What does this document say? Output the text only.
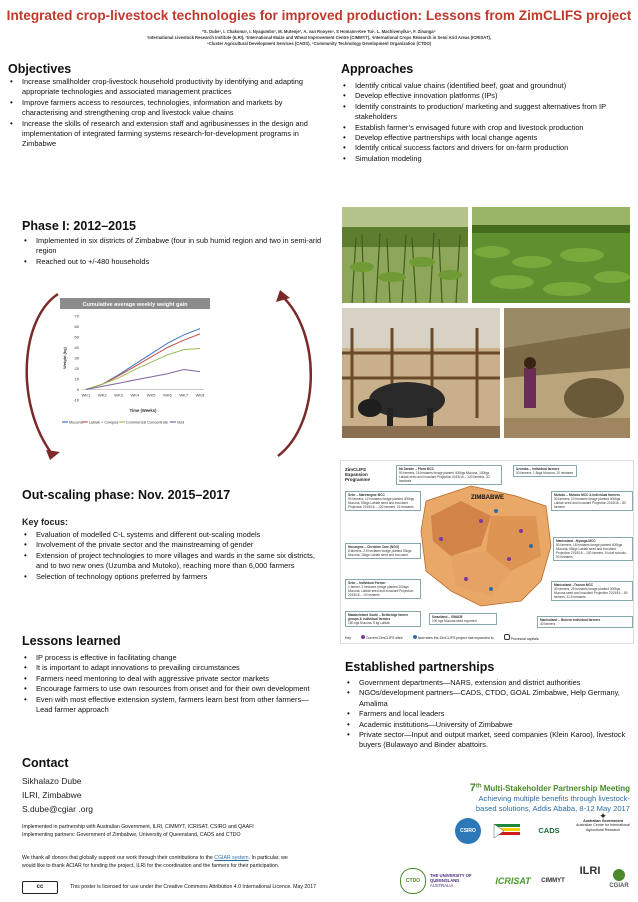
Integrated crop-livestock technologies for improved production: Lessons from ZimCLIFS project
*S. Dube¹, I. Chakoma¹, I. Nyagumbo², M. Mutenje², A. van Rooyen³, S Homann-Kee Tui³, L. Machivenyika⁴, F. Zinanga⁵
¹International Livestock Research Institute (ILRI), ²International Maize and Wheat Improvement Centre (CIMMYT), ³International Crops Research in Semi Arid Areas (ICRISAT),
⁴Cluster Agricultural Development Services (CADS), ⁵Community Technology Development Organization (CTDO)
Objectives
• Increase smallholder crop-livestock household productivity by identifying and adapting appropriate technologies and associated management practices
• Improve farmers access to resources, technologies, information and markets by characterising and strengthening crop and livestock value chains
• Increase the skills of research and extension staff and agribusinesses in the design and implementation of integrated farming systems research-for-development programs in Zimbabwe
Approaches
• Identify critical value chains (identified beef, goat and groundnut)
• Develop effective innovation platforms (IPs)
• Identify constraints to production/ marketing and suggest alternatives from IP stakeholders
• Establish farmer’s envisaged future with crop and livestock production
• Develop effective partnerships with local change agents
• Identify critical success factors and drivers for on-farm production
• Simulation modeling
Phase I: 2012–2015
• Implemented in six districts of Zimbabwe (four in sub humid region and two in semi-arid region
• Reached out to +/-480 households
Cumulative average weekly weight gain
-10
0
10
20
30
40
50
60
70
WK1 WK2 WK3 WK4 WK5 WK6 WK7 WK8
Weight (kg)
Time (Weeks)
Mucuna Lablab + Cowpea Commercial Concentrate Veld
ZIMBABWE
ZimCLIFS Expansion Programme
Mt Darwin – Pfura MCC
90 farmers, 16 hectares forage planted 400kgs Mucuna, 100kgs Lablab seed and inoculant Projection 2015/16 – 120 farmers, 30 hectares
Uzumba – Individual farmers
50 farmers, 1.5kgs Mucuna, 10 hectares
Seke – Marirangwe MCC
90 farmers, 12 hectares forage planted 400kgs Mucuna, 50kgs Lablab seed and inoculant Projection 2015/16 – 120 farmers, 15 hectares
Mutoko – Mutoko MCC & Individual farmers
50 farmers, 10 hectares forage planted 400kgs Lablab seed and inoculant Projection 2015/16 – 80 farmers
Hurungwe – Christian Care (NGO)
8 farmers, 2.5 hectares forage planted 50kgs Mucuna, 10kgs Lablab seed and inoculant
Manicaland –Nyanga MCC
50 farmers, 18 hectares forage planted 400kgs Mucuna, 50kgs Lablab seed and inoculant Projection 2015/16 – 100 farmers, 5 local schools, 90 hectares
Seke – Individual Farmer
1 farmer, 3 hectares forage planted 100kgs Mucuna, Lablab seed and inoculant Projection 2015/16 – 10 hectares
Manicaland –Tsonzo MCC
40 farmers, 25 hectares forage planted 400kgs Mucuna seed and inoculant Projection 2015/16 – 80 farmers, 11.5 hectares
Matabeleland South – Beitbridge farmer groups & individual farmers
150 kgs Mucuna, 5 kg Lablab
Swaziland – SWADE
100 kgs Mucuna seed exported	Manicaland – Buhera individual farmers
40 farmers
Key	Current ZimCLIFS sites	New sites the ZimCLIFS project has expanded to	Provincial capitals
Out-scaling phase: Nov. 2015–2017
Key focus:
• Evaluation of modelled C-L systems and different out-scaling models
• Involvement of the private sector and the mainstreaming of gender
• Extension of project technologies to more villages and wards in the same six districts, and to two new ones (Uzumba and Mutoko), reaching more than 6,000 farmers
• Selection of technology options preferred by farmers
Lessons learned
• IP process is effective in facilitating change
• It is important to adapt innovations to prevailing circumstances
• Farmers need mentoring to deal with aggressive private sector markets
• Encourage farmers to use own resources from onset and for their own development
• Even with most effective extension system, farmers learn best from other farmers—Lead farmer approach
Established partnerships
• Government departments—NARS, extension and district authorities
• NGOs/development partners—CADS, CTDO, GOAL Zimbabwe, Help Germany, Amalima
• Farmers and local leaders
• Academic institutions—University of Zimbabwe
• Private sector—Input and output market, seed companies (Klein Karoo), livestock buyers (Bulawayo and Binder abattoirs.
Contact
Sikhalazo Dube
ILRI, Zimbabwe
S.dube@cgiar .org
7th Multi-Stakeholder Partnership Meeting
Achieving multiple benefits through livestock-
based solutions, Addis Ababa, 8-12 May 2017
Implemented in partnership with Australian Government, ILRI, CIMMYT, ICRISAT, CSIRO and QAAFI
Implementing partners: Government of Zimbabwe, University of Queensland, CADS and CTDO
We thank all donors that globally support our work through their contributions to the CGIAR system. In particular, we
would like to thank ACIAR for funding the project, ILRI for the coordination and the farmers for their participation.
cc	This poster is licensed for use under the Creative Commons Attribution 4.0 International Licence. May 2017
CSIRO	CADS
✦
Australian Government
Australian Centre for International Agricultural Research
CTDO
THE UNIVERSITY OF QUEENSLAND
AUSTRALIA	ICRISAT	CIMMYT
ILRI
CGIAR
